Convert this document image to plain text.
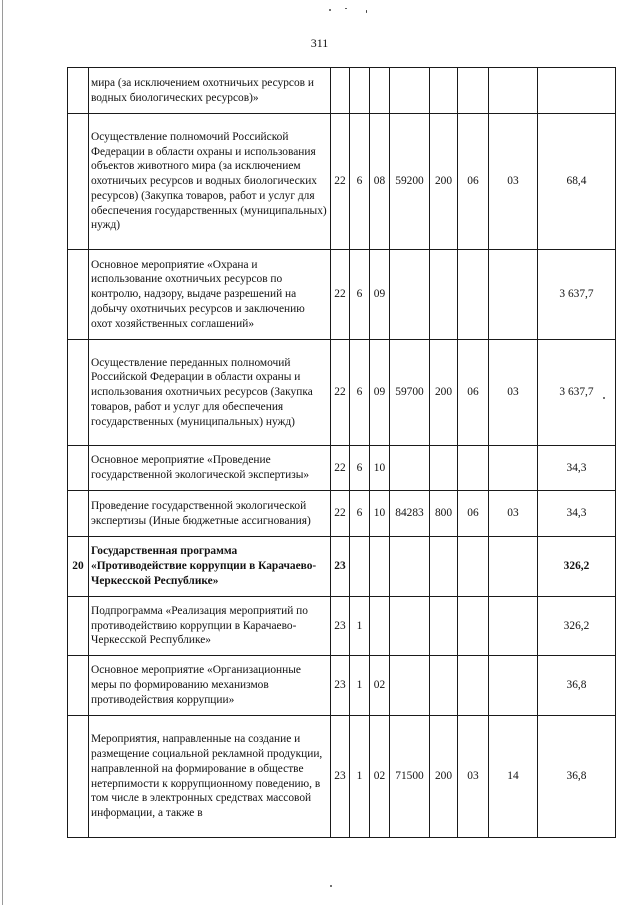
311
	мира (за исключением охотничьих ресурсов и водных биологических ресурсов)»								
	Осуществление полномочий Российской Федерации в области охраны и использования объектов животного мира (за исключением охотничьих ресурсов и водных биологических ресурсов) (Закупка товаров, работ и услуг для обеспечения государственных (муниципальных) нужд)	22	6	08	59200	200	06	03	68,4
	Основное мероприятие «Охрана и использование охотничьих ресурсов по контролю, надзору, выдаче разрешений на добычу охотничьих ресурсов и заключению охот хозяйственных соглашений»	22	6	09					3 637,7
	Осуществление переданных полномочий Российской Федерации в области охраны и использования охотничьих ресурсов (Закупка товаров, работ и услуг для обеспечения государственных (муниципальных) нужд)	22	6	09	59700	200	06	03	3 637,7
	Основное мероприятие «Проведение государственной экологической экспертизы»	22	6	10					34,3
	Проведение государственной экологической экспертизы (Иные бюджетные ассигнования)	22	6	10	84283	800	06	03	34,3
20	Государственная программа «Противодействие коррупции в Карачаево-Черкесской Республике»	23							326,2
	Подпрограмма «Реализация мероприятий по противодействию коррупции в Карачаево-Черкесской Республике»	23	1						326,2
	Основное мероприятие «Организационные меры по формированию механизмов противодействия коррупции»	23	1	02					36,8
	Мероприятия, направленные на создание и размещение социальной рекламной продукции, направленной на формирование в обществе нетерпимости к коррупционному поведению, в том числе в электронных средствах массовой информации, а также в	23	1	02	71500	200	03	14	36,8
